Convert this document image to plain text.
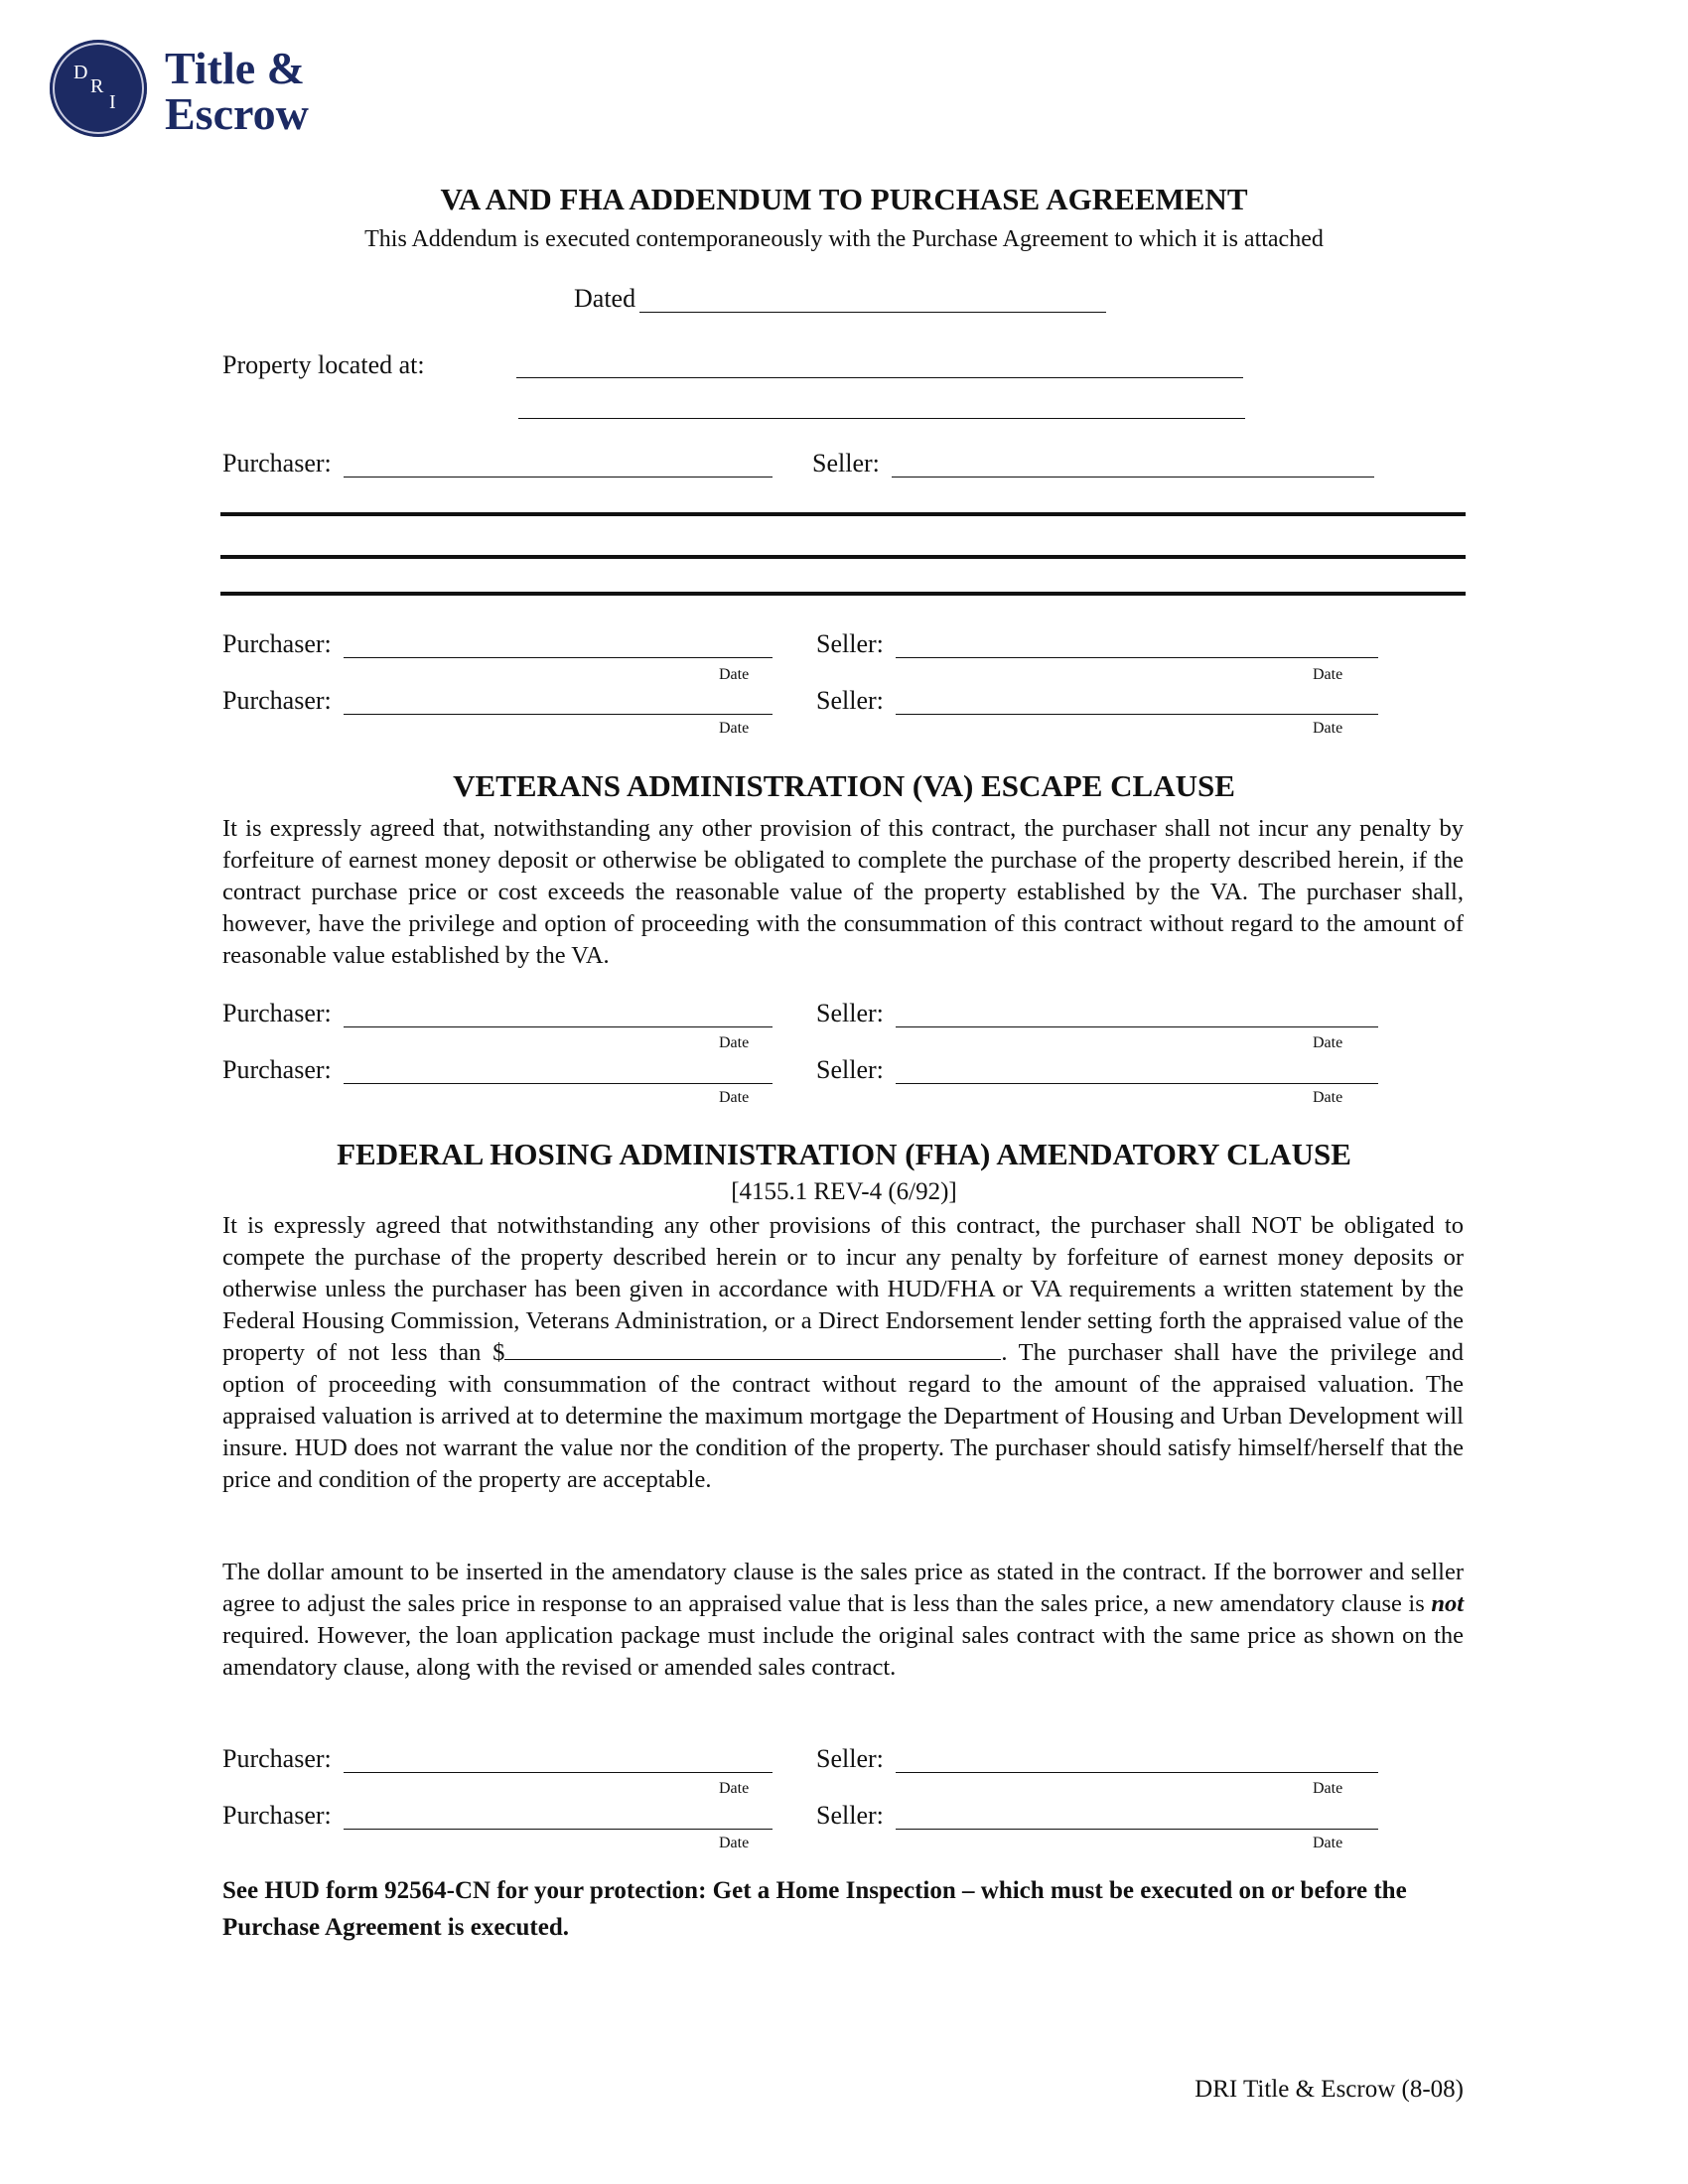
D
R
I
Title &
Escrow
VA AND FHA ADDENDUM TO PURCHASE AGREEMENT
This Addendum is executed contemporaneously with the Purchase Agreement to which it is attached
Dated
Property located at:
Purchaser:	Seller:
Purchaser:
Date
Seller:
Date
Purchaser:
Date
Seller:
Date
VETERANS ADMINISTRATION (VA) ESCAPE CLAUSE

It is expressly agreed that, notwithstanding any other provision of this contract, the purchaser shall not incur any penalty by forfeiture of earnest money deposit or otherwise be obligated to complete the purchase of the property described herein, if the contract purchase price or cost exceeds the reasonable value of the property established by the VA. The purchaser shall, however, have the privilege and option of proceeding with the consummation of this contract without regard to the amount of reasonable value established by the VA.

Purchaser:
Date
Seller:
Date
Purchaser:
Date
Seller:
Date
FEDERAL HOSING ADMINISTRATION (FHA) AMENDATORY CLAUSE
[4155.1 REV-4 (6/92)]

It is expressly agreed that notwithstanding any other provisions of this contract, the purchaser shall NOT be obligated to compete the purchase of the property described herein or to incur any penalty by forfeiture of earnest money deposits or otherwise unless the purchaser has been given in accordance with HUD/FHA or VA requirements a written statement by the Federal Housing Commission, Veterans Administration, or a Direct Endorsement lender setting forth the appraised value of the property of not less than $	. The purchaser shall have the privilege and option of proceeding with consummation of the contract without regard to the amount of the appraised valuation. The appraised valuation is arrived at to determine the maximum mortgage the Department of Housing and Urban Development will insure. HUD does not warrant the value nor the condition of the property. The purchaser should satisfy himself/herself that the price and condition of the property are acceptable.

The dollar amount to be inserted in the amendatory clause is the sales price as stated in the contract. If the borrower and seller agree to adjust the sales price in response to an appraised value that is less than the sales price, a new amendatory clause is not required. However, the loan application package must include the original sales contract with the same price as shown on the amendatory clause, along with the revised or amended sales contract.

Purchaser:
Date
Seller:
Date
Purchaser:
Date
Seller:
Date
See HUD form 92564-CN for your protection: Get a Home Inspection – which must be executed on or before the Purchase Agreement is executed.
DRI Title & Escrow (8-08)
